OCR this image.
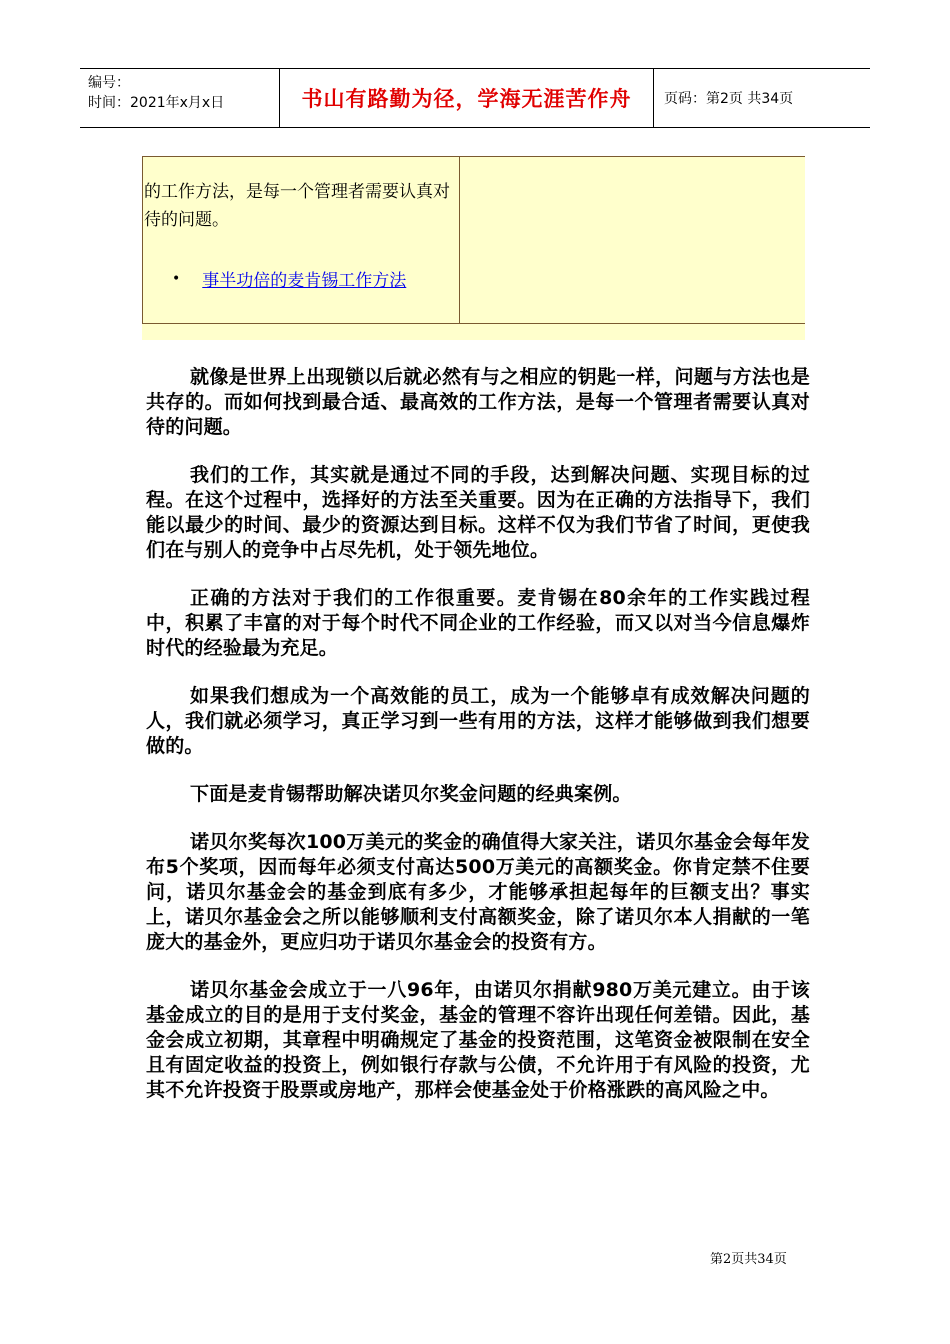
编号：
时间：2021年x月x日	书山有路勤为径，学海无涯苦作舟	页码：第2页 共34页
的工作方法，是每一个管理者需要认真对待的问题。
• 事半功倍的麦肯锡工作方法

就像是世界上出现锁以后就必然有与之相应的钥匙一样，问题与方法也是共存的。而如何找到最合适、最高效的工作方法，是每一个管理者需要认真对待的问题。

我们的工作，其实就是通过不同的手段，达到解决问题、实现目标的过程。在这个过程中，选择好的方法至关重要。因为在正确的方法指导下，我们能以最少的时间、最少的资源达到目标。这样不仅为我们节省了时间，更使我们在与别人的竞争中占尽先机，处于领先地位。

正确的方法对于我们的工作很重要。麦肯锡在80余年的工作实践过程中，积累了丰富的对于每个时代不同企业的工作经验，而又以对当今信息爆炸时代的经验最为充足。

如果我们想成为一个高效能的员工，成为一个能够卓有成效解决问题的人，我们就必须学习，真正学习到一些有用的方法，这样才能够做到我们想要做的。

下面是麦肯锡帮助解决诺贝尔奖金问题的经典案例。

诺贝尔奖每次100万美元的奖金的确值得大家关注，诺贝尔基金会每年发布5个奖项，因而每年必须支付高达500万美元的高额奖金。你肯定禁不住要问，诺贝尔基金会的基金到底有多少，才能够承担起每年的巨额支出？事实上，诺贝尔基金会之所以能够顺利支付高额奖金，除了诺贝尔本人捐献的一笔庞大的基金外，更应归功于诺贝尔基金会的投资有方。

诺贝尔基金会成立于一八96年，由诺贝尔捐献980万美元建立。由于该基金成立的目的是用于支付奖金，基金的管理不容许出现任何差错。因此，基金会成立初期，其章程中明确规定了基金的投资范围，这笔资金被限制在安全且有固定收益的投资上，例如银行存款与公债，不允许用于有风险的投资，尤其不允许投资于股票或房地产，那样会使基金处于价格涨跌的高风险之中。

第2页共34页
